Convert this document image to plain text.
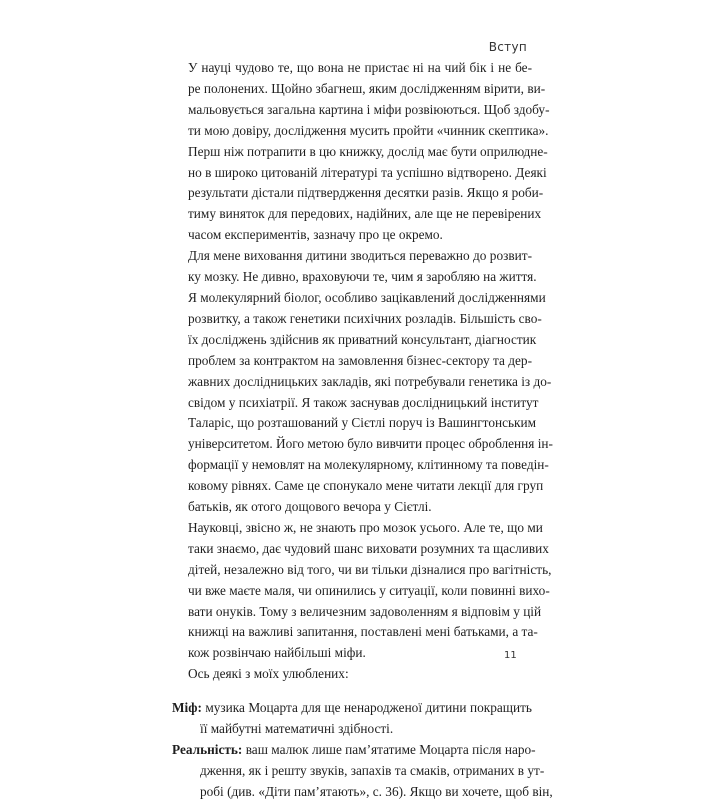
Вступ

У науці чудово те, що вона не пристає ні на чий бік і не бе-
ре полонених. Щойно збагнеш, яким дослідженням вірити, ви-
мальовується загальна картина і міфи розвіюються. Щоб здобу-
ти мою довіру, дослідження мусить пройти «чинник скептика».
Перш ніж потрапити в цю книжку, дослід має бути оприлюдне-
но в широко цитованій літературі та успішно відтворено. Деякі
результати дістали підтвердження десятки разів. Якщо я роби-
тиму виняток для передових, надійних, але ще не перевірених
часом експериментів, зазначу про це окремо.

Для мене виховання дитини зводиться переважно до розвит-
ку мозку. Не дивно, враховуючи те, чим я заробляю на життя.
Я молекулярний біолог, особливо зацікавлений дослідженнями
розвитку, а також генетики психічних розладів. Більшість сво-
їх досліджень здійснив як приватний консультант, діагностик
проблем за контрактом на замовлення бізнес-сектору та дер-
жавних дослідницьких закладів, які потребували генетика із до-
свідом у психіатрії. Я також заснував дослідницький інститут
Таларіс, що розташований у Сієтлі поруч із Вашингтонським
університетом. Його метою було вивчити процес оброблення ін-
формації у немовлят на молекулярному, клітинному та поведін-
ковому рівнях. Саме це спонукало мене читати лекції для груп
батьків, як отого дощового вечора у Сієтлі.

Науковці, звісно ж, не знають про мозок усього. Але те, що ми
таки знаємо, дає чудовий шанс виховати розумних та щасливих
дітей, незалежно від того, чи ви тільки дізналися про вагітність,
чи вже маєте маля, чи опинились у ситуації, коли повинні вихо-
вати онуків. Тому з величезним задоволенням я відповім у цій
книжці на важливі запитання, поставлені мені батьками, а та-
кож розвінчаю найбільші міфи.

Ось деякі з моїх улюблених:

Міф: музика Моцарта для ще ненародженої дитини покращить
її майбутні математичні здібності.

Реальність: ваш малюк лише пам’ятатиме Моцарта після наро-
дження, як і решту звуків, запахів та смаків, отриманих в ут-
робі (див. «Діти пам’ятають», с. 36). Якщо ви хочете, щоб він,

11
